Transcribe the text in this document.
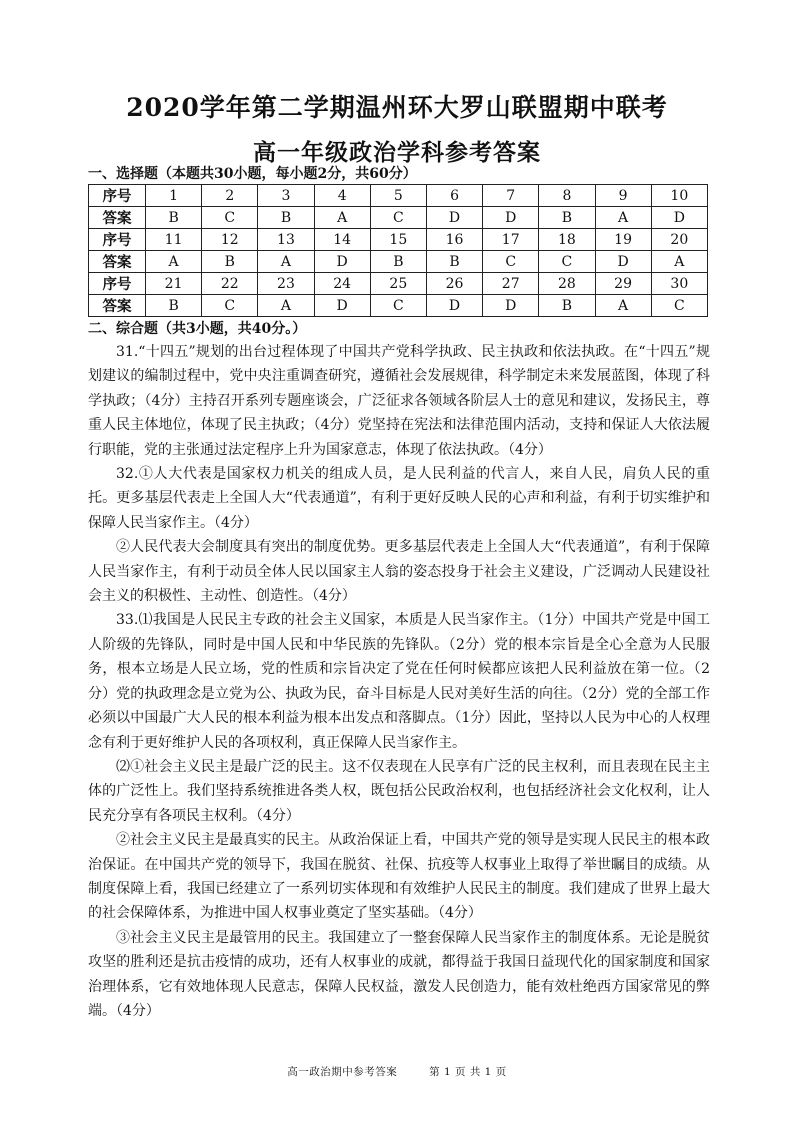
2020学年第二学期温州环大罗山联盟期中联考
高一年级政治学科参考答案
一、选择题（本题共30小题，每小题2分，共60分）
序号	1	2	3	4	5	6	7	8	9	10
答案	B	C	B	A	C	D	D	B	A	D
序号	11	12	13	14	15	16	17	18	19	20
答案	A	B	A	D	B	B	C	C	D	A
序号	21	22	23	24	25	26	27	28	29	30
答案	B	C	A	D	C	D	D	B	A	C
二、综合题（共3小题，共40分。）

31.“十四五”规划的出台过程体现了中国共产党科学执政、民主执政和依法执政。在“十四五”规划建议的编制过程中，党中央注重调查研究，遵循社会发展规律，科学制定未来发展蓝图，体现了科学执政；（4分）主持召开系列专题座谈会，广泛征求各领域各阶层人士的意见和建议，发扬民主，尊重人民主体地位，体现了民主执政；（4分）党坚持在宪法和法律范围内活动，支持和保证人大依法履行职能，党的主张通过法定程序上升为国家意志，体现了依法执政。（4分）

32.①人大代表是国家权力机关的组成人员，是人民利益的代言人，来自人民，肩负人民的重托。更多基层代表走上全国人大“代表通道”，有利于更好反映人民的心声和利益，有利于切实维护和保障人民当家作主。（4分）

②人民代表大会制度具有突出的制度优势。更多基层代表走上全国人大“代表通道”，有利于保障人民当家作主，有利于动员全体人民以国家主人翁的姿态投身于社会主义建设，广泛调动人民建设社会主义的积极性、主动性、创造性。（4分）

33.⑴我国是人民民主专政的社会主义国家，本质是人民当家作主。（1分）中国共产党是中国工人阶级的先锋队，同时是中国人民和中华民族的先锋队。（2分）党的根本宗旨是全心全意为人民服务，根本立场是人民立场，党的性质和宗旨决定了党在任何时候都应该把人民利益放在第一位。（2分）党的执政理念是立党为公、执政为民，奋斗目标是人民对美好生活的向往。（2分）党的全部工作必须以中国最广大人民的根本利益为根本出发点和落脚点。（1分）因此，坚持以人民为中心的人权理念有利于更好维护人民的各项权利，真正保障人民当家作主。

⑵①社会主义民主是最广泛的民主。这不仅表现在人民享有广泛的民主权利，而且表现在民主主体的广泛性上。我们坚持系统推进各类人权，既包括公民政治权利，也包括经济社会文化权利，让人民充分享有各项民主权利。（4分）

②社会主义民主是最真实的民主。从政治保证上看，中国共产党的领导是实现人民民主的根本政治保证。在中国共产党的领导下，我国在脱贫、社保、抗疫等人权事业上取得了举世瞩目的成绩。从制度保障上看，我国已经建立了一系列切实体现和有效维护人民民主的制度。我们建成了世界上最大的社会保障体系，为推进中国人权事业奠定了坚实基础。（4分）

③社会主义民主是最管用的民主。我国建立了一整套保障人民当家作主的制度体系。无论是脱贫攻坚的胜利还是抗击疫情的成功，还有人权事业的成就，都得益于我国日益现代化的国家制度和国家治理体系，它有效地体现人民意志，保障人民权益，激发人民创造力，能有效杜绝西方国家常见的弊端。（4分）

高一政治期中参考答案	第 1 页 共 1 页
